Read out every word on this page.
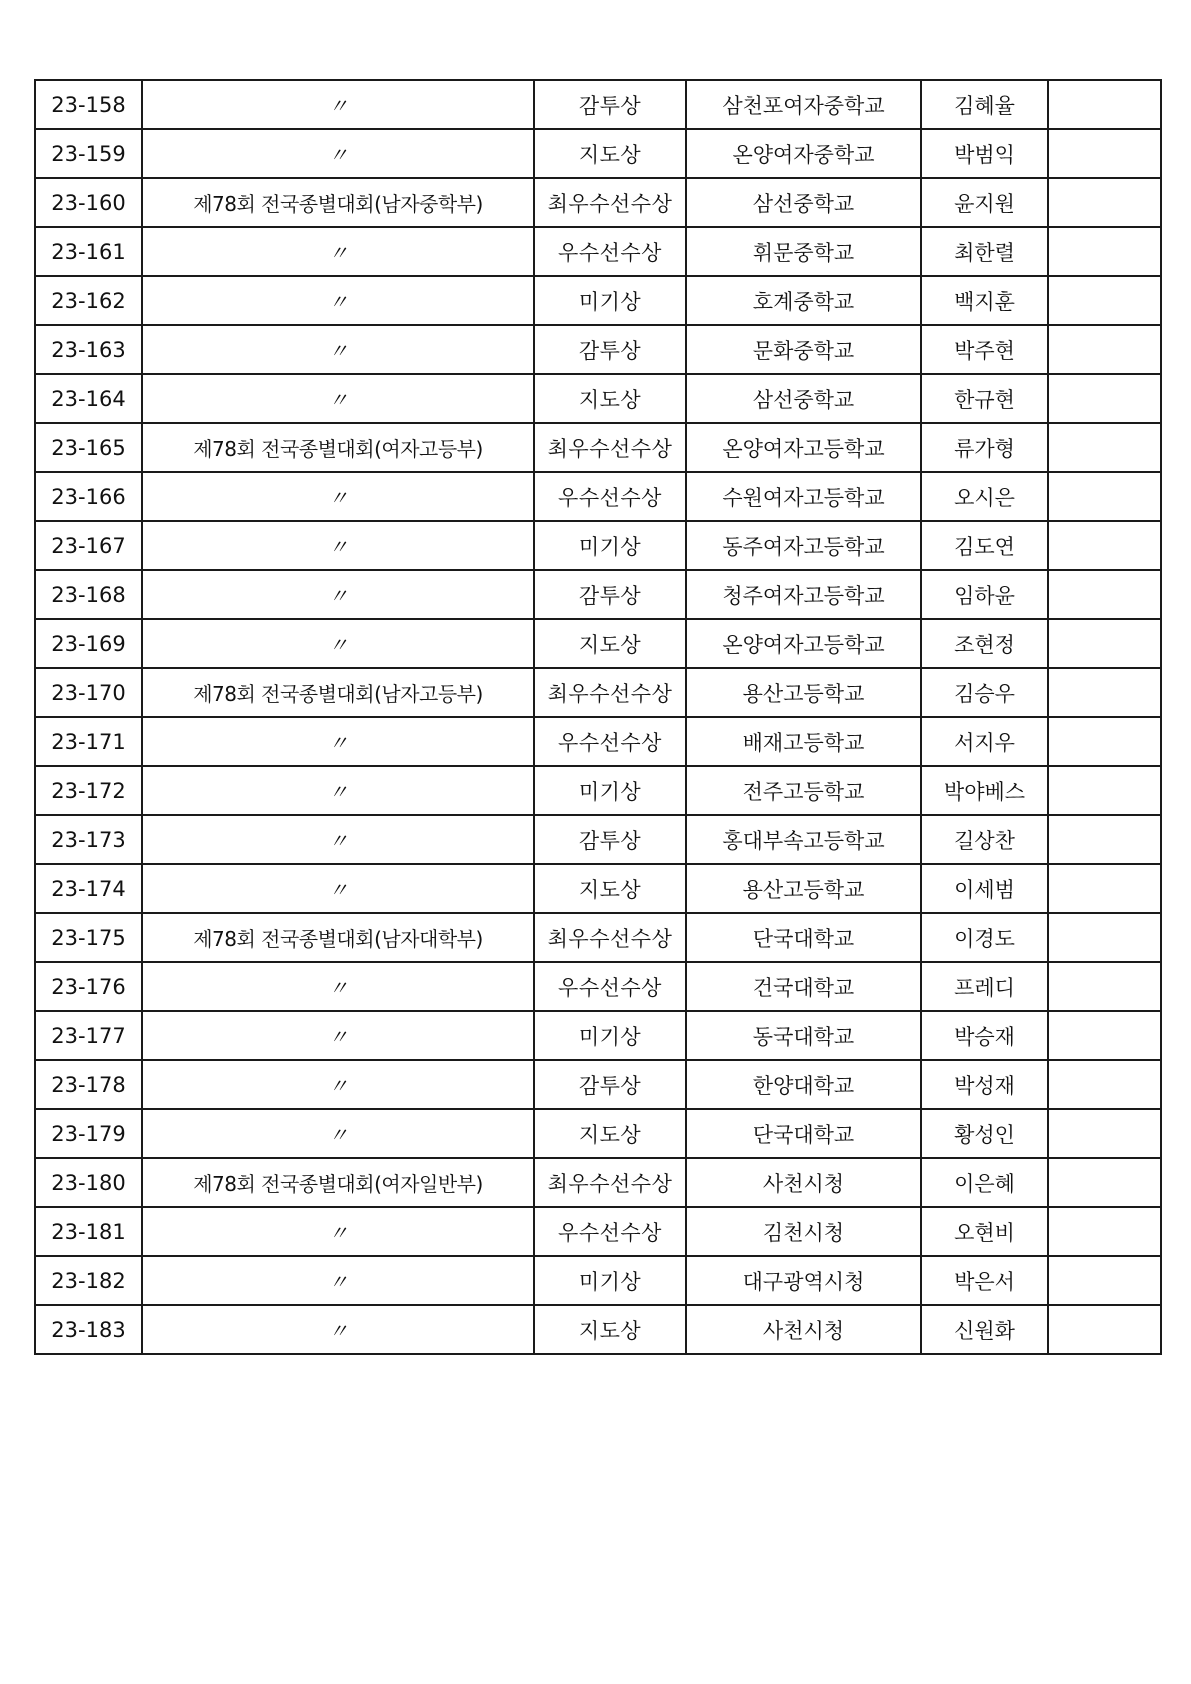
23-158	〃	감투상	삼천포여자중학교	김혜율	
23-159	〃	지도상	온양여자중학교	박범익	
23-160	제78회 전국종별대회(남자중학부)	최우수선수상	삼선중학교	윤지원	
23-161	〃	우수선수상	휘문중학교	최한렬	
23-162	〃	미기상	호계중학교	백지훈	
23-163	〃	감투상	문화중학교	박주현	
23-164	〃	지도상	삼선중학교	한규현	
23-165	제78회 전국종별대회(여자고등부)	최우수선수상	온양여자고등학교	류가형	
23-166	〃	우수선수상	수원여자고등학교	오시은	
23-167	〃	미기상	동주여자고등학교	김도연	
23-168	〃	감투상	청주여자고등학교	임하윤	
23-169	〃	지도상	온양여자고등학교	조현정	
23-170	제78회 전국종별대회(남자고등부)	최우수선수상	용산고등학교	김승우	
23-171	〃	우수선수상	배재고등학교	서지우	
23-172	〃	미기상	전주고등학교	박야베스	
23-173	〃	감투상	홍대부속고등학교	길상찬	
23-174	〃	지도상	용산고등학교	이세범	
23-175	제78회 전국종별대회(남자대학부)	최우수선수상	단국대학교	이경도	
23-176	〃	우수선수상	건국대학교	프레디	
23-177	〃	미기상	동국대학교	박승재	
23-178	〃	감투상	한양대학교	박성재	
23-179	〃	지도상	단국대학교	황성인	
23-180	제78회 전국종별대회(여자일반부)	최우수선수상	사천시청	이은혜	
23-181	〃	우수선수상	김천시청	오현비	
23-182	〃	미기상	대구광역시청	박은서	
23-183	〃	지도상	사천시청	신원화	
